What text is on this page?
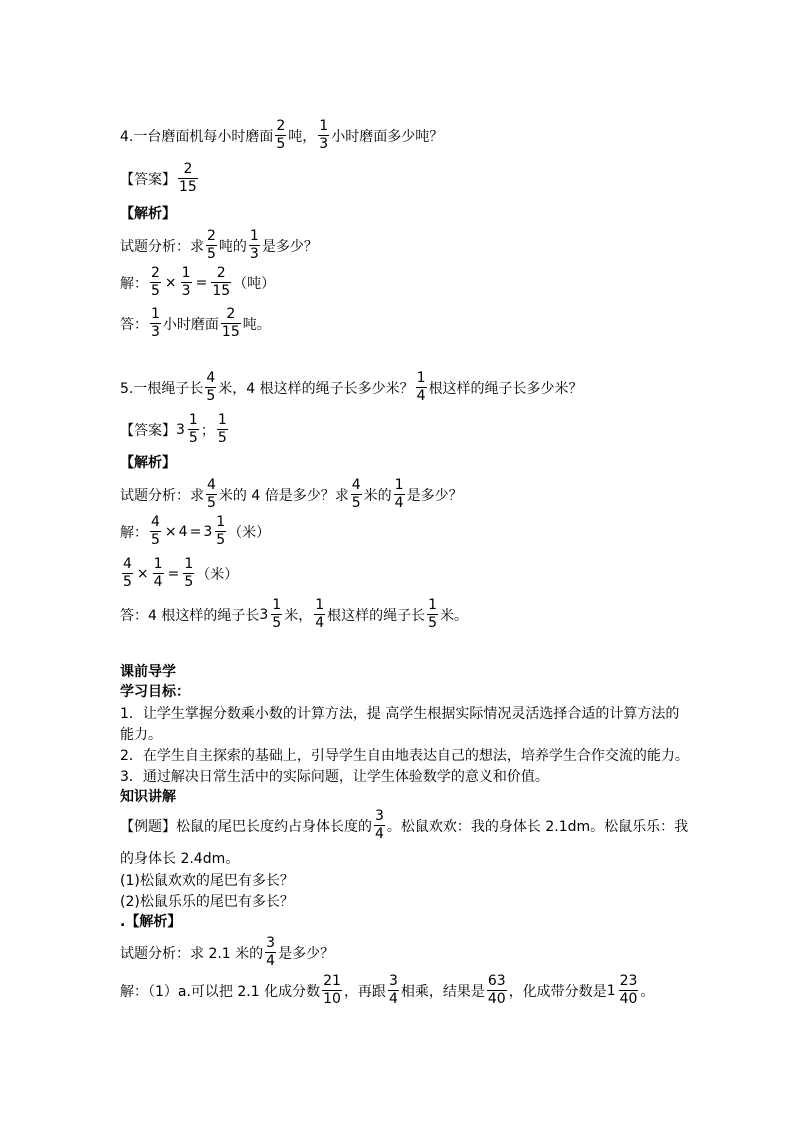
4.一台磨面机每小时磨面 $\frac{2}{5}$ 吨， $\frac{1}{3}$ 小时磨面多少吨？
【答案】 $\frac{2}{15}$
【解析】
试题分析：求 $\frac{2}{5}$ 吨的 $\frac{1}{3}$ 是多少？
解： $\frac{2}{5} \times \frac{1}{3} = \frac{2}{15}$ （吨）
答： $\frac{1}{3}$ 小时磨面 $\frac{2}{15}$ 吨。
5.一根绳子长 $\frac{4}{5}$ 米，4 根这样的绳子长多少米？ $\frac{1}{4}$ 根这样的绳子长多少米？
【答案】 $3 \frac{1}{5}$ ； $\frac{1}{5}$
【解析】
试题分析：求 $\frac{4}{5}$ 米的 4 倍是多少？求 $\frac{4}{5}$ 米的 $\frac{1}{4}$ 是多少？
解： $\frac{4}{5} \times 4 = 3 \frac{1}{5}$ （米）
$\frac{4}{5} \times \frac{1}{4} = \frac{1}{5}$ （米）
答：4 根这样的绳子长 $3 \frac{1}{5}$ 米， $\frac{1}{4}$ 根这样的绳子长 $\frac{1}{5}$ 米。
课前导学
学习目标：
1．让学生掌握分数乘小数的计算方法，提 高学生根据实际情况灵活选择合适的计算方法的
能力。
2．在学生自主探索的基础上，引导学生自由地表达自己的想法，培养学生合作交流的能力。
3．通过解决日常生活中的实际问题，让学生体验数学的意义和价值。
知识讲解
【例题】 松鼠的尾巴长度约占身体长度的 $\frac{3}{4}$ 。松鼠欢欢：我的身体长 2.1dm。松鼠乐乐：我
的身体长 2.4dm。
(1)松鼠欢欢的尾巴有多长？
(2)松鼠乐乐的尾巴有多长？
.【解析】
试题分析：求 2.1 米的 $\frac{3}{4}$ 是多少？
解：（1）a.可以把 2.1 化成分数 $\frac{21}{10}$ ，再跟 $\frac{3}{4}$ 相乘，结果是 $\frac{63}{40}$ ，化成带分数是 $1 \frac{23}{40}$ 。
